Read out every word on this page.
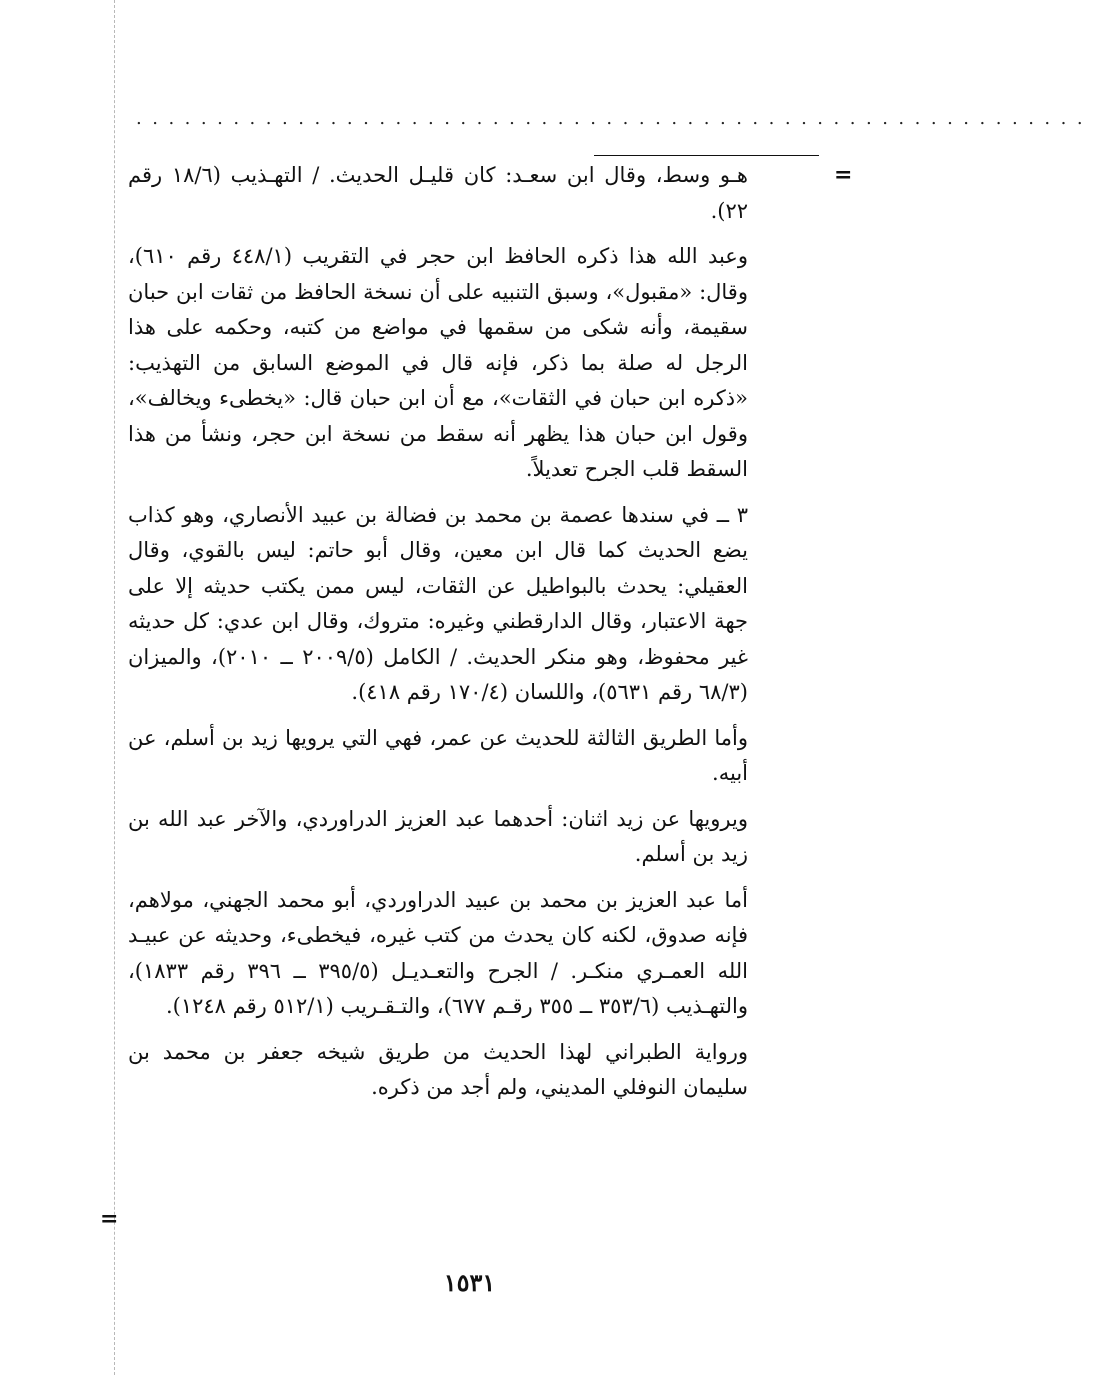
...........................................................
=
=

هـو وسط، وقال ابن سعـد: كان قليـل الحديث. / التهـذيب (١٨/٦ رقم ٢٢).

وعبد الله هذا ذكره الحافظ ابن حجر في التقريب (٤٤٨/١ رقم ٦١٠)، وقال: «مقبول»، وسبق التنبيه على أن نسخة الحافظ من ثقات ابن حبان سقيمة، وأنه شكى من سقمها في مواضع من كتبه، وحكمه على هذا الرجل له صلة بما ذكر، فإنه قال في الموضع السابق من التهذيب: «ذكره ابن حبان في الثقات»، مع أن ابن حبان قال: «يخطىء ويخالف»، وقول ابن حبان هذا يظهر أنه سقط من نسخة ابن حجر، ونشأ من هذا السقط قلب الجرح تعديلاً.

٣ ــ في سندها عصمة بن محمد بن فضالة بن عبيد الأنصاري، وهو كذاب يضع الحديث كما قال ابن معين، وقال أبو حاتم: ليس بالقوي، وقال العقيلي: يحدث بالبواطيل عن الثقات، ليس ممن يكتب حديثه إلا على جهة الاعتبار، وقال الدارقطني وغيره: متروك، وقال ابن عدي: كل حديثه غير محفوظ، وهو منكر الحديث. / الكامل (٢٠٠٩/٥ ــ ٢٠١٠)، والميزان (٦٨/٣ رقم ٥٦٣١)، واللسان (١٧٠/٤ رقم ٤١٨).

وأما الطريق الثالثة للحديث عن عمر، فهي التي يرويها زيد بن أسلم، عن أبيه.

ويرويها عن زيد اثنان: أحدهما عبد العزيز الدراوردي، والآخر عبد الله بن زيد بن أسلم.

أما عبد العزيز بن محمد بن عبيد الدراوردي، أبو محمد الجهني، مولاهم، فإنه صدوق، لكنه كان يحدث من كتب غيره، فيخطىء، وحديثه عن عبيـد الله العمـري منكـر. / الجرح والتعـديـل (٣٩٥/٥ ــ ٣٩٦ رقم ١٨٣٣)، والتهـذيب (٣٥٣/٦ ــ ٣٥٥ رقـم ٦٧٧)، والتـقـريب (٥١٢/١ رقم ١٢٤٨).

ورواية الطبراني لهذا الحديث من طريق شيخه جعفر بن محمد بن سليمان النوفلي المديني، ولم أجد من ذكره.

١٥٣١
